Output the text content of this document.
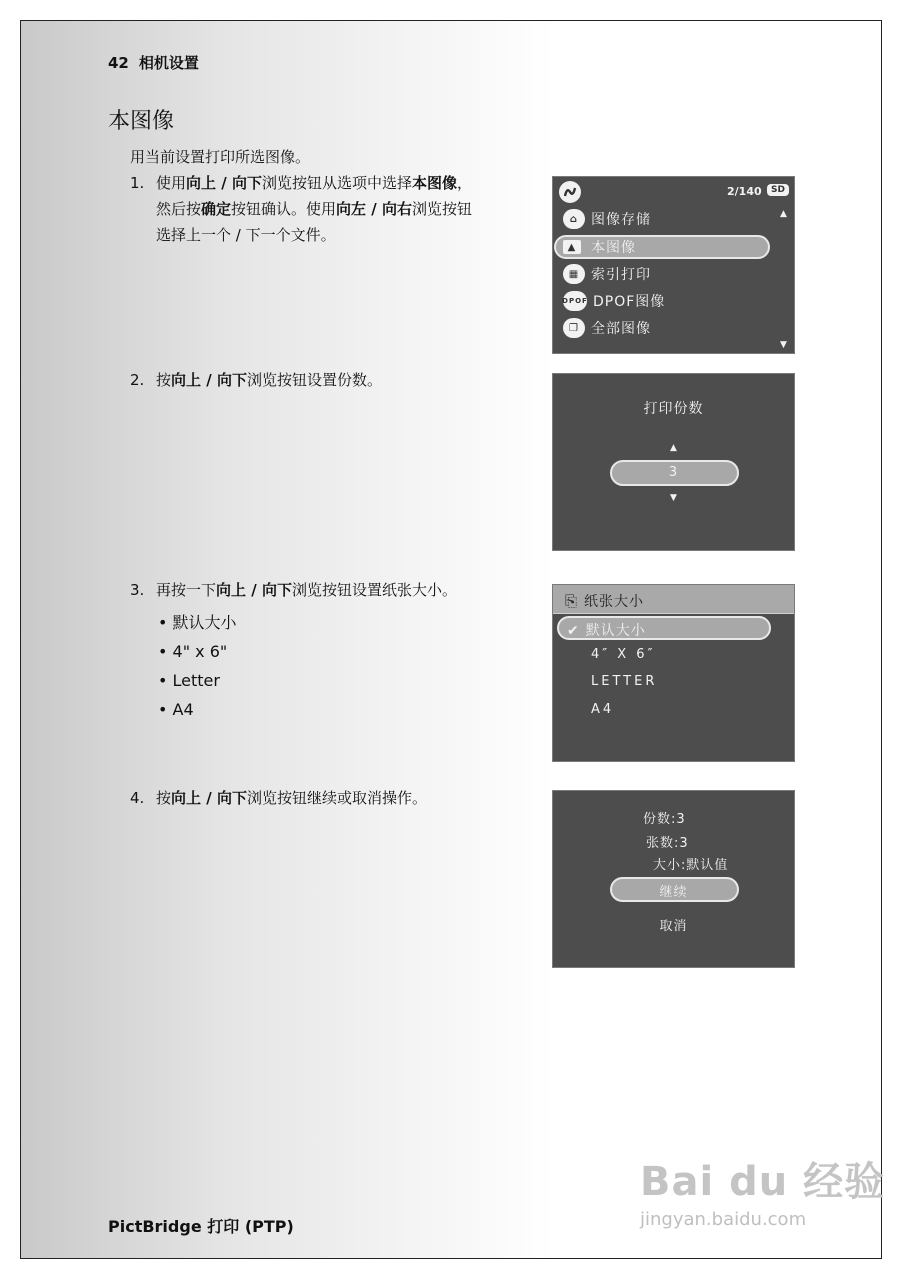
42 相机设置
本图像
用当前设置打印所选图像。
1. 使用向上 / 向下浏览按钮从选项中选择本图像，
然后按确定按钮确认。使用向左 / 向右浏览按钮
选择上一个 / 下一个文件。
2. 按向上 / 向下浏览按钮设置份数。
3. 再按一下向上 / 向下浏览按钮设置纸张大小。
• 默认大小
• 4" x 6"
• Letter
• A4
4. 按向上 / 向下浏览按钮继续或取消操作。
2/140	SD
▲
⌂ 图像存储
▲	本图像
▦ 索引打印
DPOF DPOF图像
❐ 全部图像
▼
打印份数
▲
3
▼
⎘ 纸张大小
✔ 默认大小
4″ X 6″
LETTER
A4
份数:3
张数:3
大小:默认值
继续
取消
PictBridge 打印 (PTP)
Bai du 经验
jingyan.baidu.com
